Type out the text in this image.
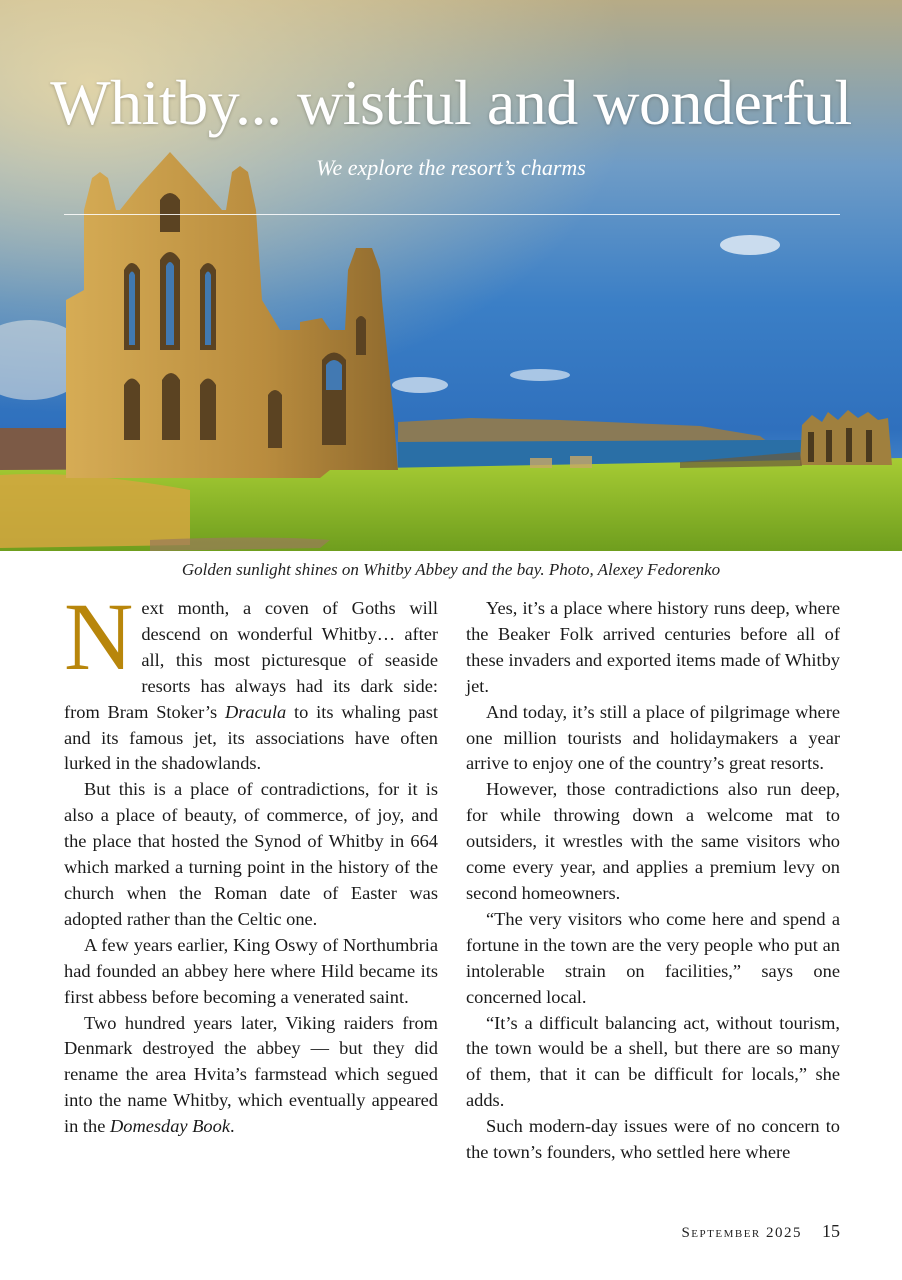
Whitby... wistful and wonderful
We explore the resort’s charms
Golden sunlight shines on Whitby Abbey and the bay. Photo, Alexey Fedorenko

Next month, a coven of Goths will descend on wonderful Whitby… after all, this most picturesque of seaside resorts has always had its dark side: from Bram Stoker’s Dracula to its whaling past and its famous jet, its associations have often lurked in the shadowlands.

But this is a place of contradictions, for it is also a place of beauty, of commerce, of joy, and the place that hosted the Synod of Whitby in 664 which marked a turning point in the history of the church when the Roman date of Easter was adopted rather than the Celtic one.

A few years earlier, King Oswy of Northumbria had founded an abbey here where Hild became its first abbess before becoming a venerated saint.

Two hundred years later, Viking raiders from Denmark destroyed the abbey — but they did rename the area Hvita’s farmstead which segued into the name Whitby, which eventually appeared in the Domesday Book.

Yes, it’s a place where history runs deep, where the Beaker Folk arrived centuries before all of these invaders and exported items made of Whitby jet.

And today, it’s still a place of pilgrimage where one million tourists and holidaymakers a year arrive to enjoy one of the country’s great resorts.

However, those contradictions also run deep, for while throwing down a welcome mat to outsiders, it wrestles with the same visitors who come every year, and applies a premium levy on second homeowners.

“The very visitors who come here and spend a fortune in the town are the very people who put an intolerable strain on facilities,” says one concerned local.

“It’s a difficult balancing act, without tourism, the town would be a shell, but there are so many of them, that it can be difficult for locals,” she adds.

Such modern-day issues were of no concern to the town’s founders, who settled here where

September 2025 15
